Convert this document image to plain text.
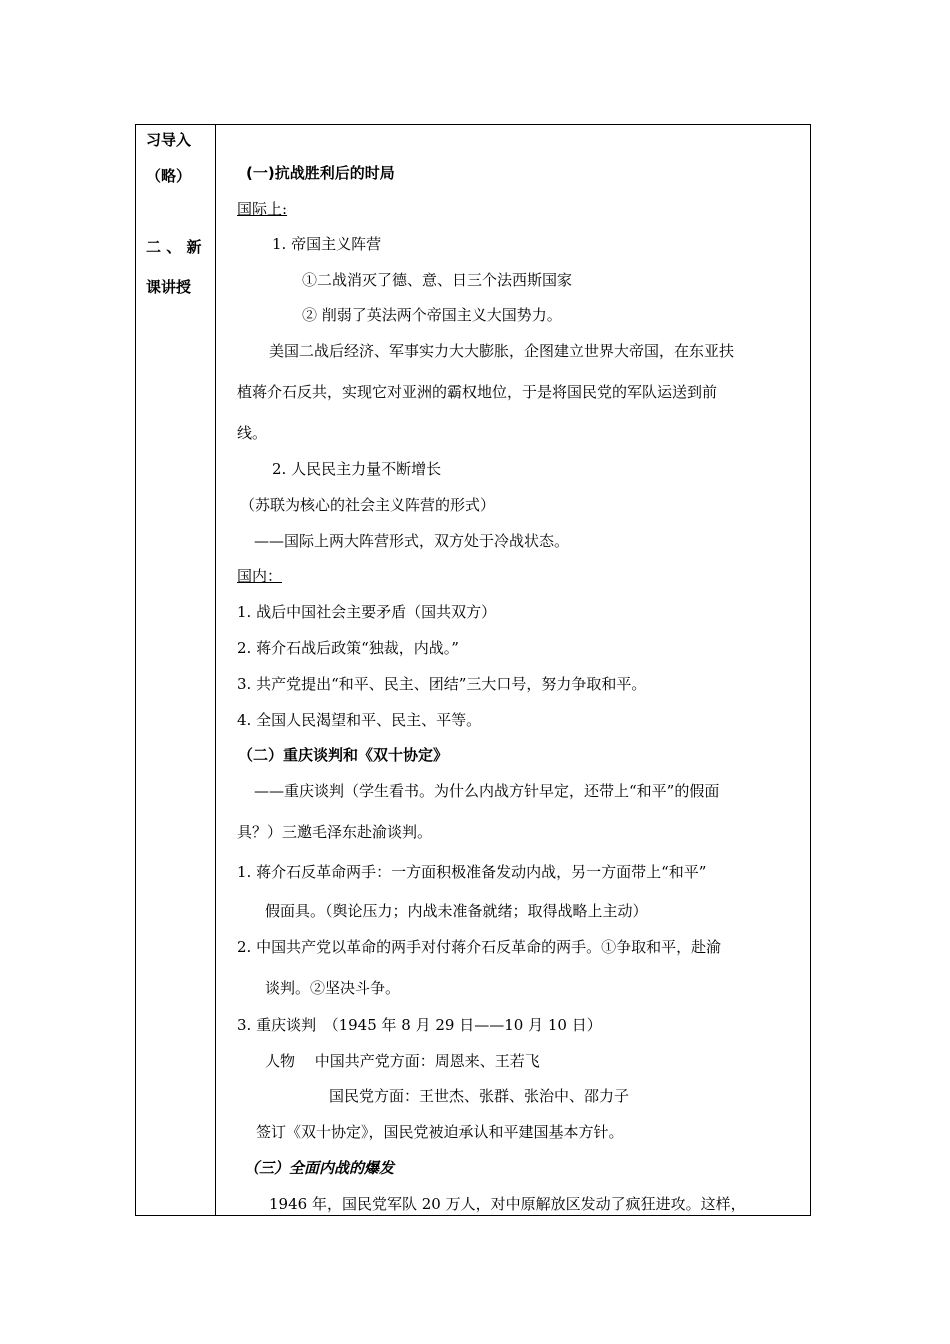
习导入
（略）
二 、 新
课讲授
(一)抗战胜利后的时局
国际上:
1. 帝国主义阵营
①二战消灭了德、意、日三个法西斯国家
② 削弱了英法两个帝国主义大国势力。
美国二战后经济、军事实力大大膨胀，企图建立世界大帝国，在东亚扶
植蒋介石反共，实现它对亚洲的霸权地位，于是将国民党的军队运送到前
线。
2. 人民民主力量不断增长
（苏联为核心的社会主义阵营的形式）
——国际上两大阵营形式，双方处于冷战状态。
国内：
1. 战后中国社会主要矛盾（国共双方）
2. 蒋介石战后政策“独裁，内战。”
3. 共产党提出“和平、民主、团结”三大口号，努力争取和平。
4. 全国人民渴望和平、民主、平等。
（二）重庆谈判和《双十协定》
——重庆谈判（学生看书。为什么内战方针早定，还带上“和平”的假面
具？）三邀毛泽东赴渝谈判。
1. 蒋介石反革命两手：一方面积极准备发动内战，另一方面带上“和平”
假面具。（舆论压力；内战未准备就绪；取得战略上主动）
2. 中国共产党以革命的两手对付蒋介石反革命的两手。①争取和平，赴渝
谈判。②坚决斗争。
3. 重庆谈判　（1945 年 8 月 29 日——10 月 10 日）
人物　 中国共产党方面：周恩来、王若飞
国民党方面：王世杰、张群、张治中、邵力子
签订《双十协定》，国民党被迫承认和平建国基本方针。
（三）全面内战的爆发
1946 年，国民党军队 20 万人，对中原解放区发动了疯狂进攻。这样，
